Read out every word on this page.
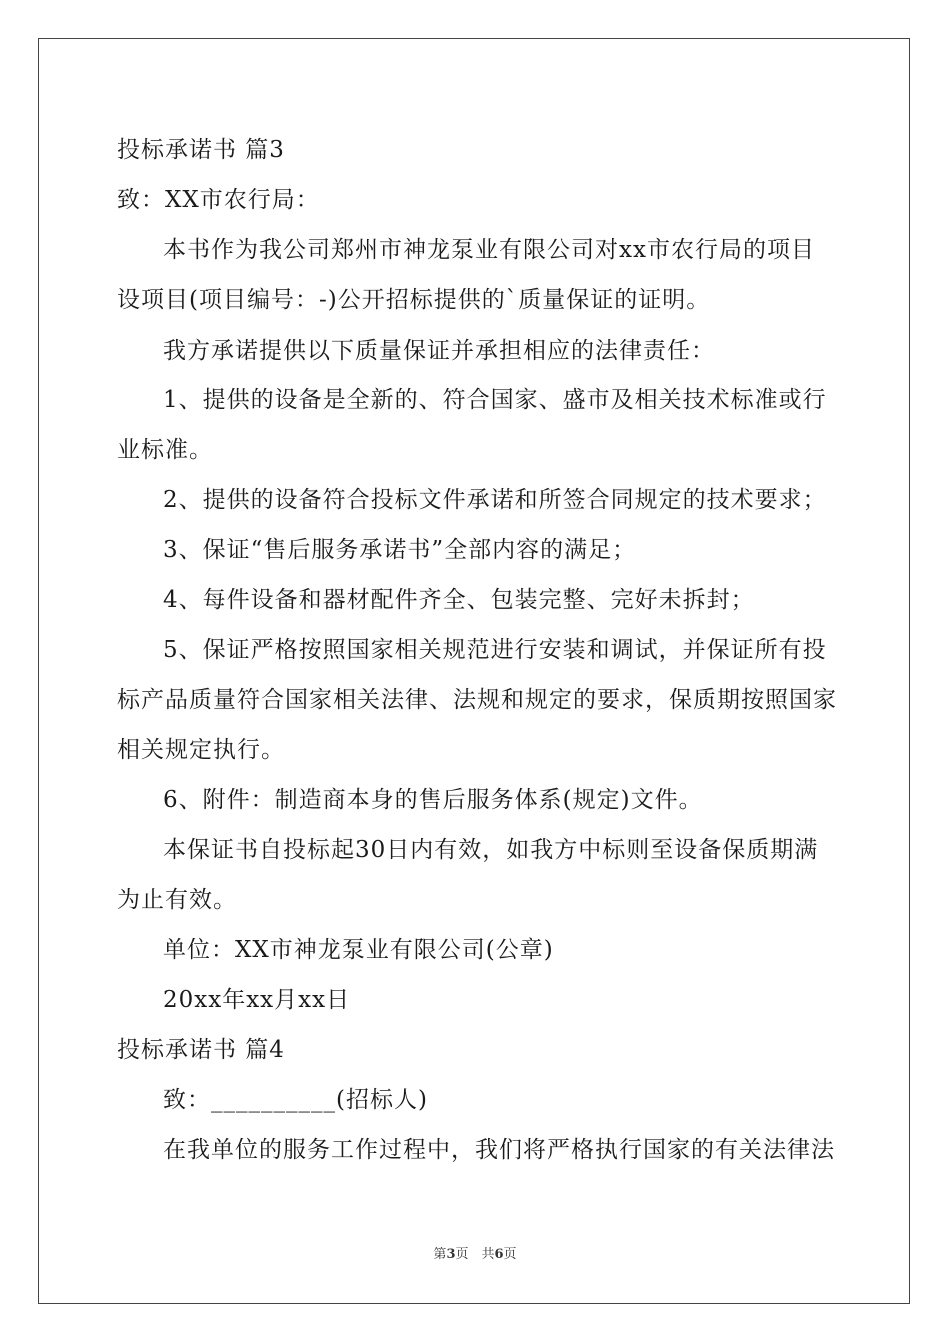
投标承诺书 篇3
致：XX市农行局：
本书作为我公司郑州市神龙泵业有限公司对xx市农行局的项目
设项目(项目编号：-)公开招标提供的`质量保证的证明。
我方承诺提供以下质量保证并承担相应的法律责任：
1、提供的设备是全新的、符合国家、盛市及相关技术标准或行
业标准。
2、提供的设备符合投标文件承诺和所签合同规定的技术要求；
3、保证“售后服务承诺书”全部内容的满足；
4、每件设备和器材配件齐全、包装完整、完好未拆封；
5、保证严格按照国家相关规范进行安装和调试，并保证所有投
标产品质量符合国家相关法律、法规和规定的要求，保质期按照国家
相关规定执行。
6、附件：制造商本身的售后服务体系(规定)文件。
本保证书自投标起30日内有效，如我方中标则至设备保质期满
为止有效。
单位：XX市神龙泵业有限公司(公章)
20xx年xx月xx日
投标承诺书 篇4
致：__________(招标人)
在我单位的服务工作过程中，我们将严格执行国家的有关法律法
第3页　共6页
